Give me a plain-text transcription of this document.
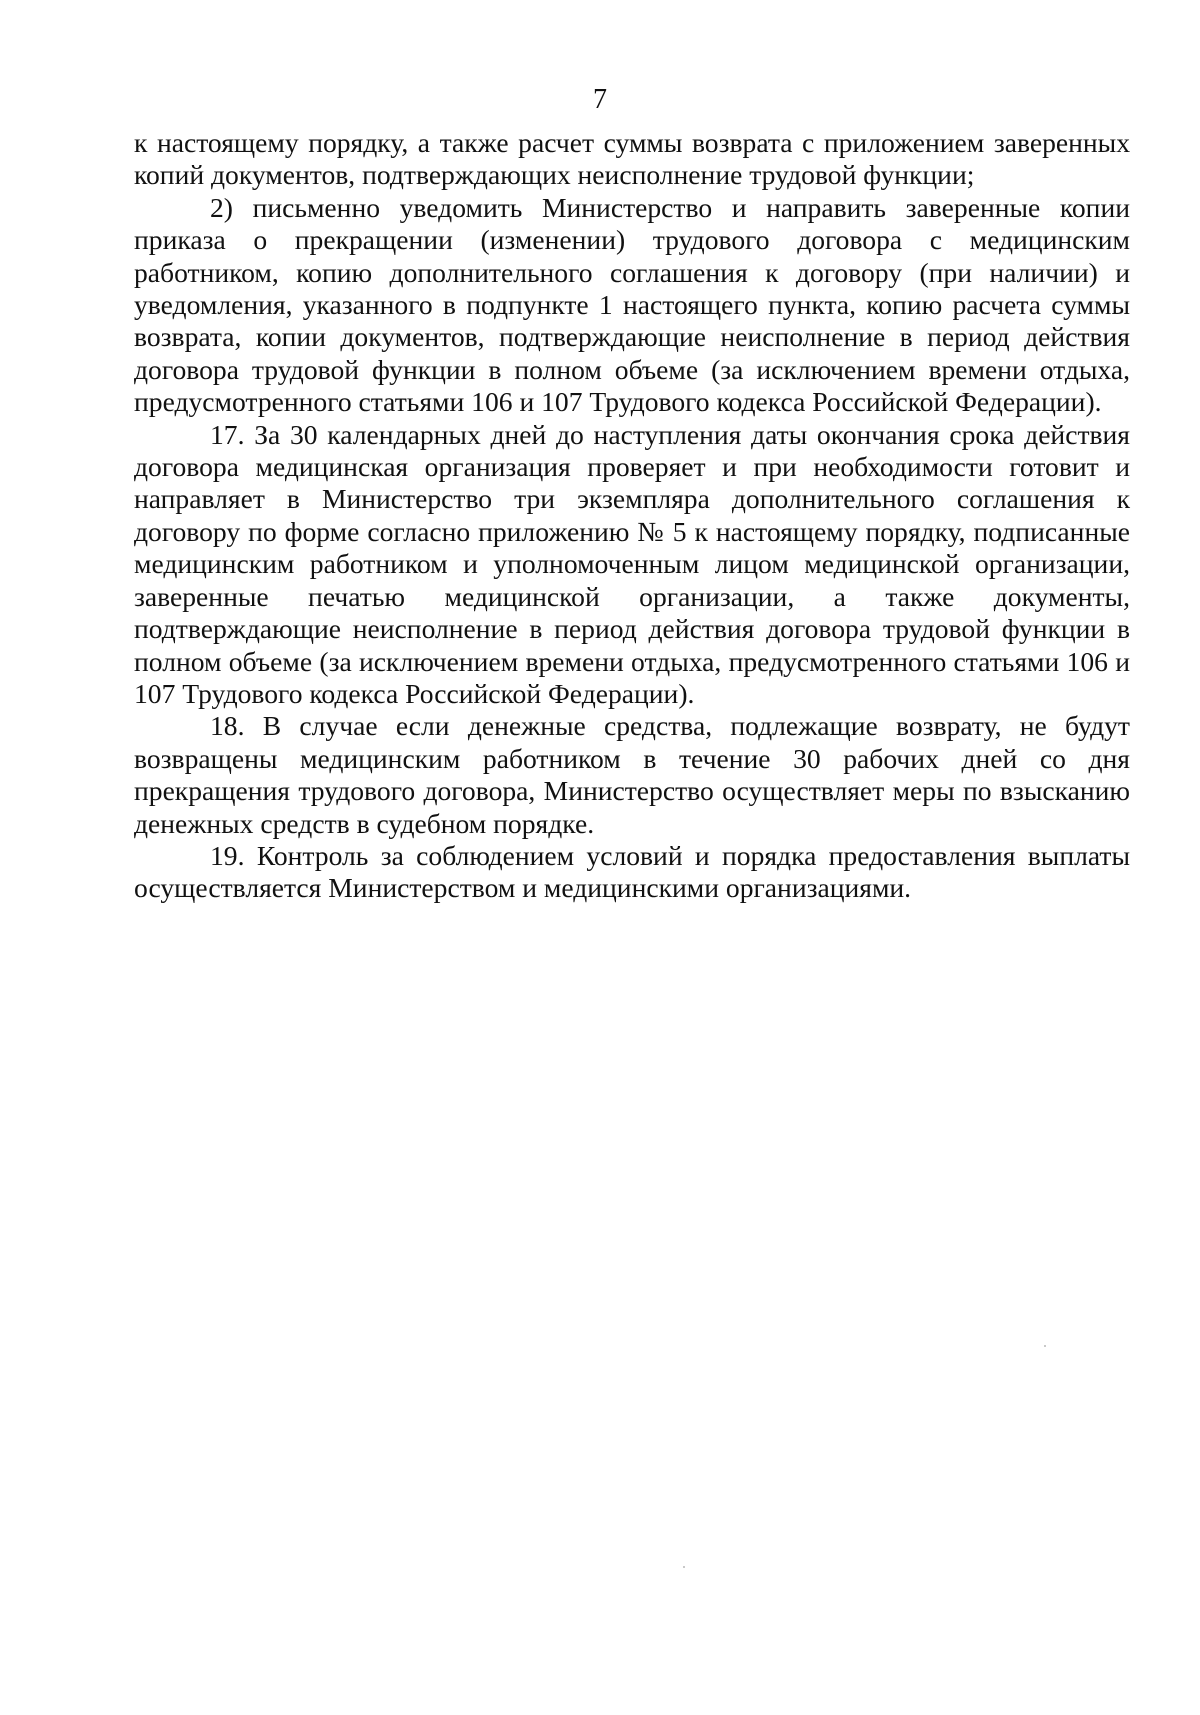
7

к настоящему порядку, а также расчет суммы возврата с приложением заверенных копий документов, подтверждающих неисполнение трудовой функции;

2) письменно уведомить Министерство и направить заверенные копии приказа о прекращении (изменении) трудового договора с медицинским работником, копию дополнительного соглашения к договору (при наличии) и уведомления, указанного в подпункте 1 настоящего пункта, копию расчета суммы возврата, копии документов, подтверждающие неисполнение в период действия договора трудовой функции в полном объеме (за исключением времени отдыха, предусмотренного статьями 106 и 107 Трудового кодекса Российской Федерации).

17. За 30 календарных дней до наступления даты окончания срока действия договора медицинская организация проверяет и при необходимости готовит и направляет в Министерство три экземпляра дополнительного соглашения к договору по форме согласно приложению № 5 к настоящему порядку, подписанные медицинским работником и уполномоченным лицом медицинской организации, заверенные печатью медицинской организации, а также документы, подтверждающие неисполнение в период действия договора трудовой функции в полном объеме (за исключением времени отдыха, предусмотренного статьями 106 и 107 Трудового кодекса Российской Федерации).

18. В случае если денежные средства, подлежащие возврату, не будут возвращены медицинским работником в течение 30 рабочих дней со дня прекращения трудового договора, Министерство осуществляет меры по взысканию денежных средств в судебном порядке.

19. Контроль за соблюдением условий и порядка предоставления выплаты осуществляется Министерством и медицинскими организациями.
